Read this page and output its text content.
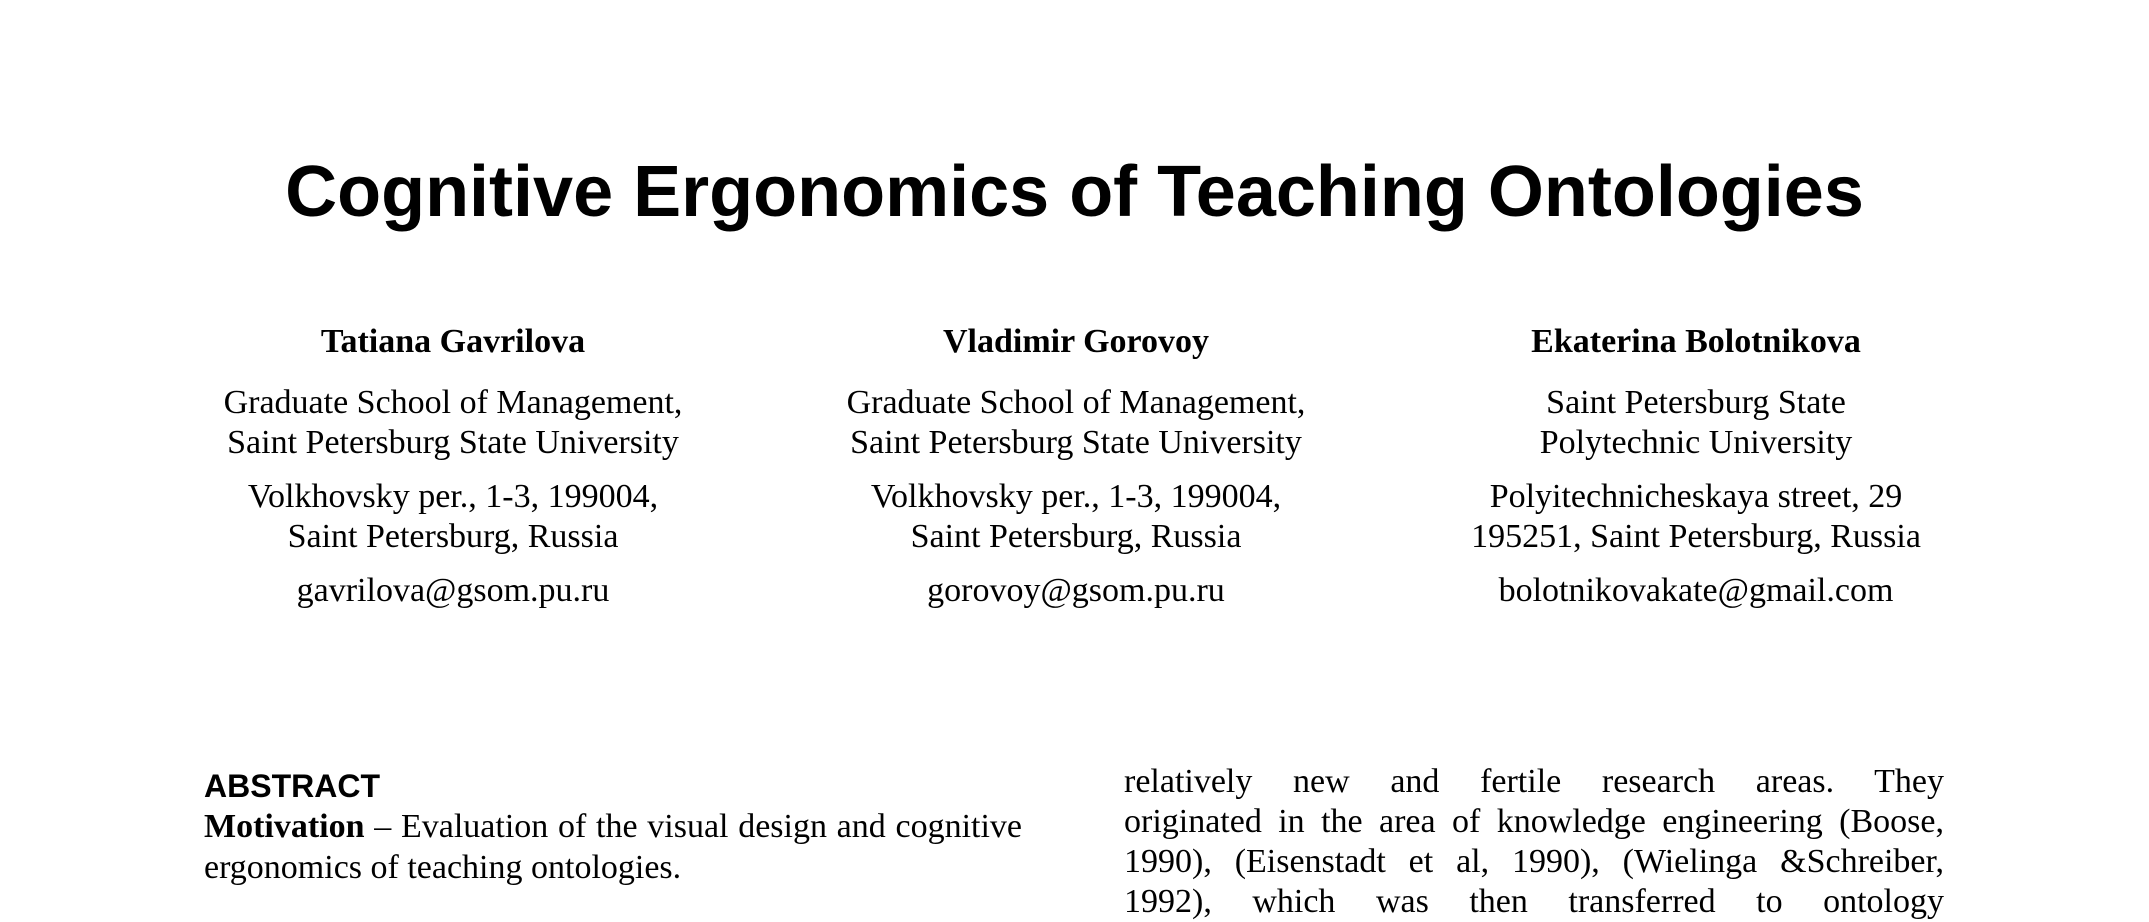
Cognitive Ergonomics of Teaching Ontologies
Tatiana Gavrilova
Graduate School of Management,
Saint Petersburg State University
Volkhovsky per., 1-3, 199004,
Saint Petersburg, Russia
gavrilova@gsom.pu.ru
Vladimir Gorovoy
Graduate School of Management,
Saint Petersburg State University
Volkhovsky per., 1-3, 199004,
Saint Petersburg, Russia
gorovoy@gsom.pu.ru
Ekaterina Bolotnikova
Saint Petersburg State
Polytechnic University
Polyitechnicheskaya street, 29
195251, Saint Petersburg, Russia
bolotnikovakate@gmail.com
ABSTRACT

Motivation – Evaluation of the visual design and cognitive ergonomics of teaching ontologies.

relatively new and fertile research areas. They
originated in the area of knowledge engineering (Boose,
1990), (Eisenstadt et al, 1990), (Wielinga &Schreiber,
1992), which was then transferred to ontology
